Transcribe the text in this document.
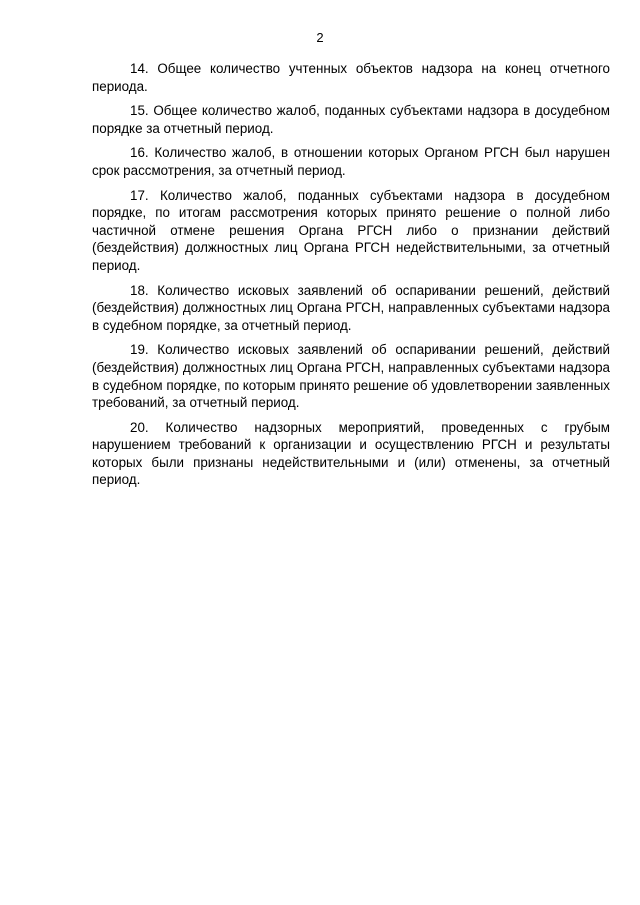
2

14. Общее количество учтенных объектов надзора на конец отчетного периода.

15. Общее количество жалоб, поданных субъектами надзора в досудебном порядке за отчетный период.

16. Количество жалоб, в отношении которых Органом РГСН был нарушен срок рассмотрения, за отчетный период.

17. Количество жалоб, поданных субъектами надзора в досудебном порядке, по итогам рассмотрения которых принято решение о полной либо частичной отмене решения Органа РГСН либо о признании действий (бездействия) должностных лиц Органа РГСН недействительными, за отчетный период.

18. Количество исковых заявлений об оспаривании решений, действий (бездействия) должностных лиц Органа РГСН, направленных субъектами надзора в судебном порядке, за отчетный период.

19. Количество исковых заявлений об оспаривании решений, действий (бездействия) должностных лиц Органа РГСН, направленных субъектами надзора в судебном порядке, по которым принято решение об удовлетворении заявленных требований, за отчетный период.

20. Количество надзорных мероприятий, проведенных с грубым нарушением требований к организации и осуществлению РГСН и результаты которых были признаны недействительными и (или) отменены, за отчетный период.
